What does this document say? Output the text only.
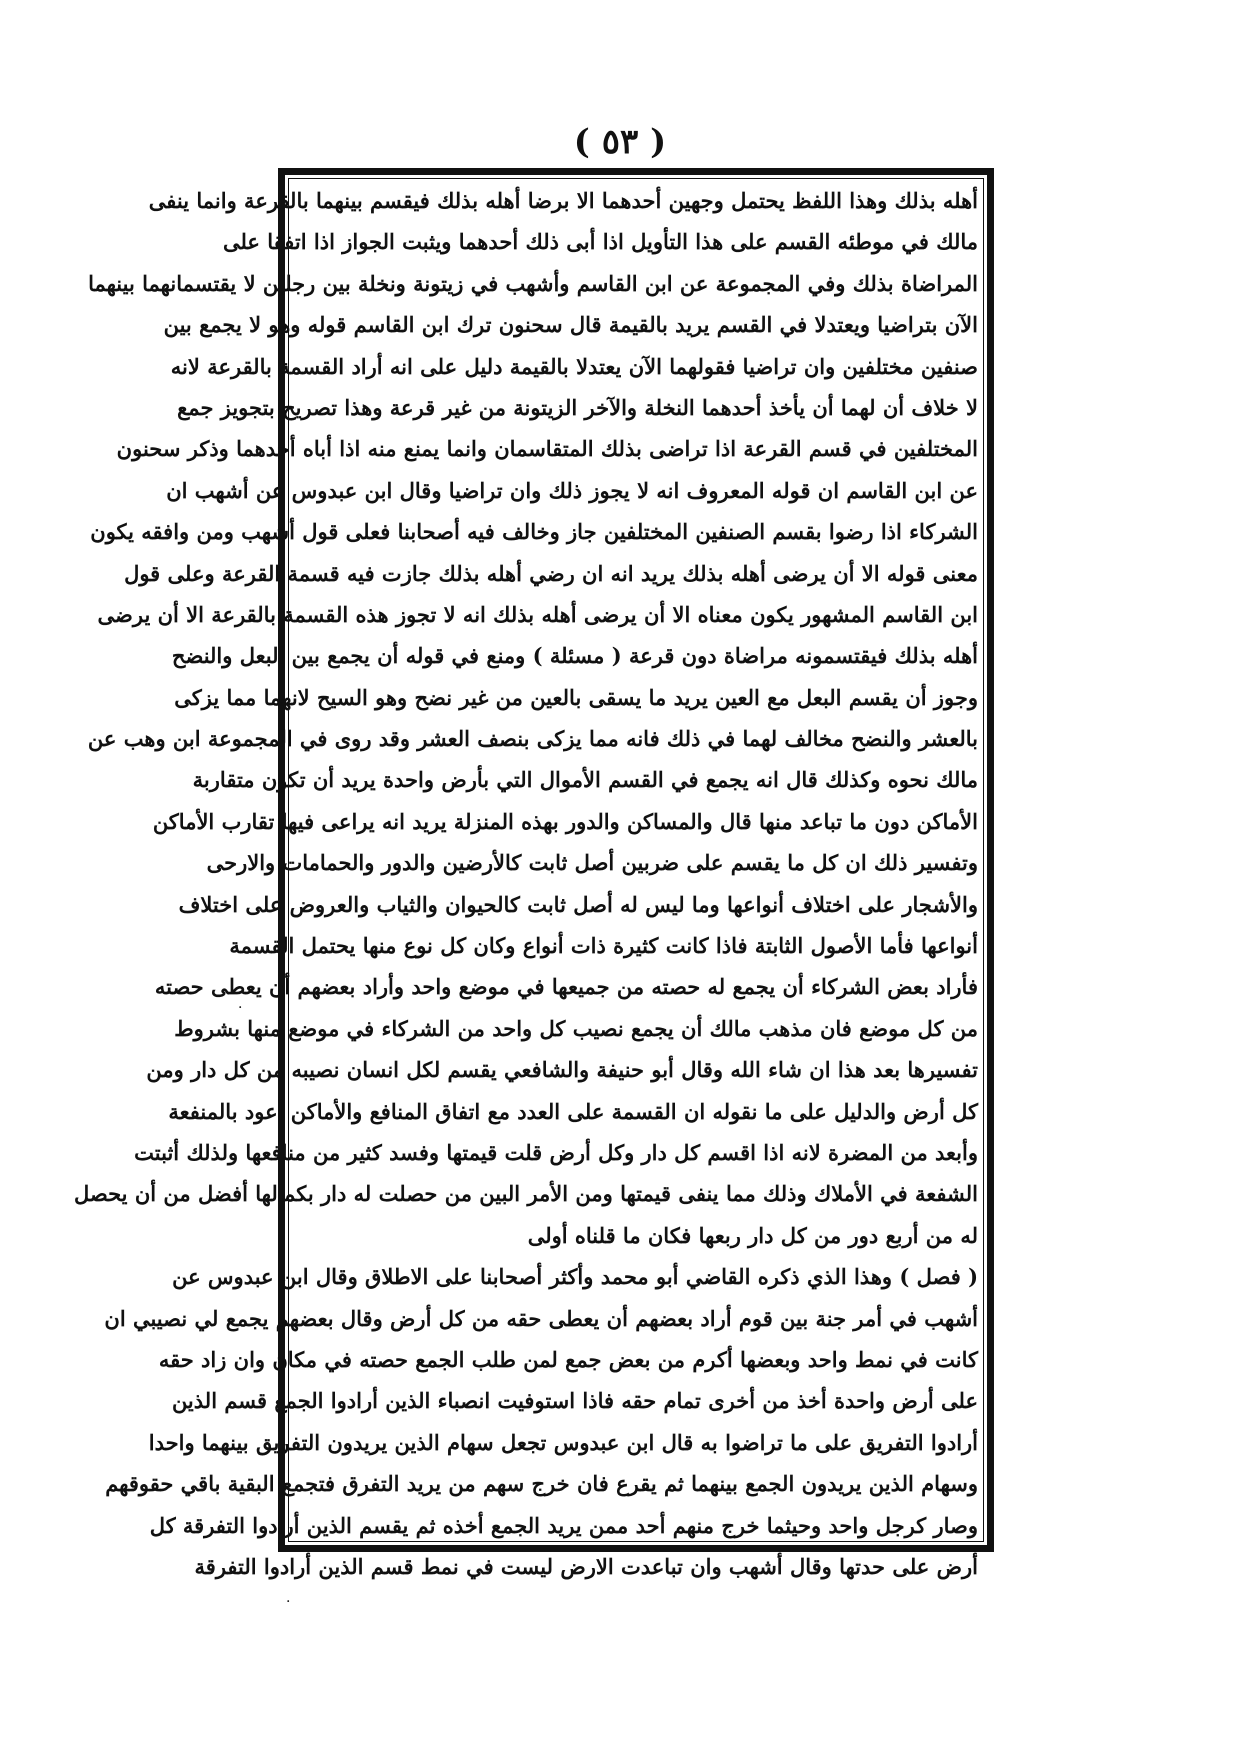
( ٥٣ )
أهله بذلك وهذا اللفظ يحتمل وجهين أحدهما الا برضا أهله بذلك فيقسم بينهما بالقرعة وانما ينفى
مالك في موطئه القسم على هذا التأويل اذا أبى ذلك أحدهما ويثبت الجواز اذا اتفقا على
المراضاة بذلك وفي المجموعة عن ابن القاسم وأشهب في زيتونة ونخلة بين رجلين لا يقتسمانهما بينهما
الآن بتراضيا ويعتدلا في القسم يريد بالقيمة قال سحنون ترك ابن القاسم قوله وهو لا يجمع بين
صنفين مختلفين وان تراضيا فقولهما الآن يعتدلا بالقيمة دليل على انه أراد القسمة بالقرعة لانه
لا خلاف أن لهما أن يأخذ أحدهما النخلة والآخر الزيتونة من غير قرعة وهذا تصريح بتجويز جمع
المختلفين في قسم القرعة اذا تراضى بذلك المتقاسمان وانما يمنع منه اذا أباه أحدهما وذكر سحنون
عن ابن القاسم ان قوله المعروف انه لا يجوز ذلك وان تراضيا وقال ابن عبدوس عن أشهب ان
الشركاء اذا رضوا بقسم الصنفين المختلفين جاز وخالف فيه أصحابنا فعلى قول أشهب ومن وافقه يكون
معنى قوله الا أن يرضى أهله بذلك يريد انه ان رضي أهله بذلك جازت فيه قسمة القرعة وعلى قول
ابن القاسم المشهور يكون معناه الا أن يرضى أهله بذلك انه لا تجوز هذه القسمة بالقرعة الا أن يرضى
أهله بذلك فيقتسمونه مراضاة دون قرعة ( مسئلة ) ومنع في قوله أن يجمع بين البعل والنضح
وجوز أن يقسم البعل مع العين يريد ما يسقى بالعين من غير نضح وهو السيح لانهما مما يزكى
بالعشر والنضح مخالف لهما في ذلك فانه مما يزكى بنصف العشر وقد روى في المجموعة ابن وهب عن
مالك نحوه وكذلك قال انه يجمع في القسم الأموال التي بأرض واحدة يريد أن تكون متقاربة
الأماكن دون ما تباعد منها قال والمساكن والدور بهذه المنزلة يريد انه يراعى فيها تقارب الأماكن
وتفسير ذلك ان كل ما يقسم على ضربين أصل ثابت كالأرضين والدور والحمامات والارحى
والأشجار على اختلاف أنواعها وما ليس له أصل ثابت كالحيوان والثياب والعروض على اختلاف
أنواعها فأما الأصول الثابتة فاذا كانت كثيرة ذات أنواع وكان كل نوع منها يحتمل القسمة
فأراد بعض الشركاء أن يجمع له حصته من جميعها في موضع واحد وأراد بعضهم أن يعطى حصته
من كل موضع فان مذهب مالك أن يجمع نصيب كل واحد من الشركاء في موضع منها بشروط
تفسيرها بعد هذا ان شاء الله وقال أبو حنيفة والشافعي يقسم لكل انسان نصيبه من كل دار ومن
كل أرض والدليل على ما نقوله ان القسمة على العدد مع اتفاق المنافع والأماكن أعود بالمنفعة
وأبعد من المضرة لانه اذا اقسم كل دار وكل أرض قلت قيمتها وفسد كثير من منافعها ولذلك أثبتت
الشفعة في الأملاك وذلك مما ينفى قيمتها ومن الأمر البين من حصلت له دار بكمالها أفضل من أن يحصل
له من أربع دور من كل دار ربعها فكان ما قلناه أولى
( فصل ) وهذا الذي ذكره القاضي أبو محمد وأكثر أصحابنا على الاطلاق وقال ابن عبدوس عن
أشهب في أمر جنة بين قوم أراد بعضهم أن يعطى حقه من كل أرض وقال بعضهم يجمع لي نصيبي ان
كانت في نمط واحد وبعضها أكرم من بعض جمع لمن طلب الجمع حصته في مكان وان زاد حقه
على أرض واحدة أخذ من أخرى تمام حقه فاذا استوفيت انصباء الذين أرادوا الجمع قسم الذين
أرادوا التفريق على ما تراضوا به قال ابن عبدوس تجعل سهام الذين يريدون التفريق بينهما واحدا
وسهام الذين يريدون الجمع بينهما ثم يقرع فان خرج سهم من يريد التفرق فتجمع البقية باقي حقوقهم
وصار كرجل واحد وحيثما خرج منهم أحد ممن يريد الجمع أخذه ثم يقسم الذين أرادوا التفرقة كل
أرض على حدتها وقال أشهب وان تباعدت الارض ليست في نمط قسم الذين أرادوا التفرقة
·
·
